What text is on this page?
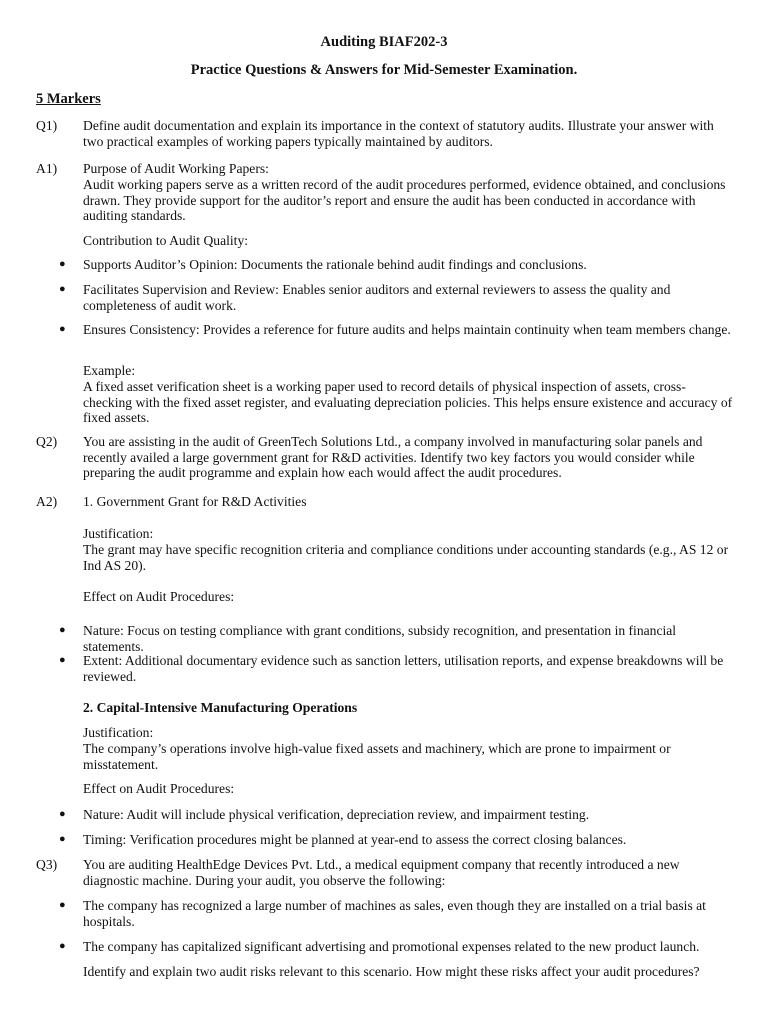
Auditing BIAF202-3
Practice Questions & Answers for Mid-Semester Examination.
5 Markers
Q1) Define audit documentation and explain its importance in the context of statutory audits. Illustrate your answer with two practical examples of working papers typically maintained by auditors.
A1) Purpose of Audit Working Papers:
Audit working papers serve as a written record of the audit procedures performed, evidence obtained, and conclusions drawn. They provide support for the auditor’s report and ensure the audit has been conducted in accordance with auditing standards.
Contribution to Audit Quality:
● Supports Auditor’s Opinion: Documents the rationale behind audit findings and conclusions.
● Facilitates Supervision and Review: Enables senior auditors and external reviewers to assess the quality and completeness of audit work.
● Ensures Consistency: Provides a reference for future audits and helps maintain continuity when team members change.
Example:
A fixed asset verification sheet is a working paper used to record details of physical inspection of assets, cross-checking with the fixed asset register, and evaluating depreciation policies. This helps ensure existence and accuracy of fixed assets.
Q2) You are assisting in the audit of GreenTech Solutions Ltd., a company involved in manufacturing solar panels and recently availed a large government grant for R&D activities. Identify two key factors you would consider while preparing the audit programme and explain how each would affect the audit procedures.
A2) 1. Government Grant for R&D Activities
Justification:
The grant may have specific recognition criteria and compliance conditions under accounting standards (e.g., AS 12 or Ind AS 20).
Effect on Audit Procedures:
● Nature: Focus on testing compliance with grant conditions, subsidy recognition, and presentation in financial statements.
● Extent: Additional documentary evidence such as sanction letters, utilisation reports, and expense breakdowns will be reviewed.
2. Capital-Intensive Manufacturing Operations
Justification:
The company’s operations involve high-value fixed assets and machinery, which are prone to impairment or misstatement.
Effect on Audit Procedures:
● Nature: Audit will include physical verification, depreciation review, and impairment testing.
● Timing: Verification procedures might be planned at year-end to assess the correct closing balances.
Q3) You are auditing HealthEdge Devices Pvt. Ltd., a medical equipment company that recently introduced a new diagnostic machine. During your audit, you observe the following:
● The company has recognized a large number of machines as sales, even though they are installed on a trial basis at hospitals.
● The company has capitalized significant advertising and promotional expenses related to the new product launch.
Identify and explain two audit risks relevant to this scenario. How might these risks affect your audit procedures?
